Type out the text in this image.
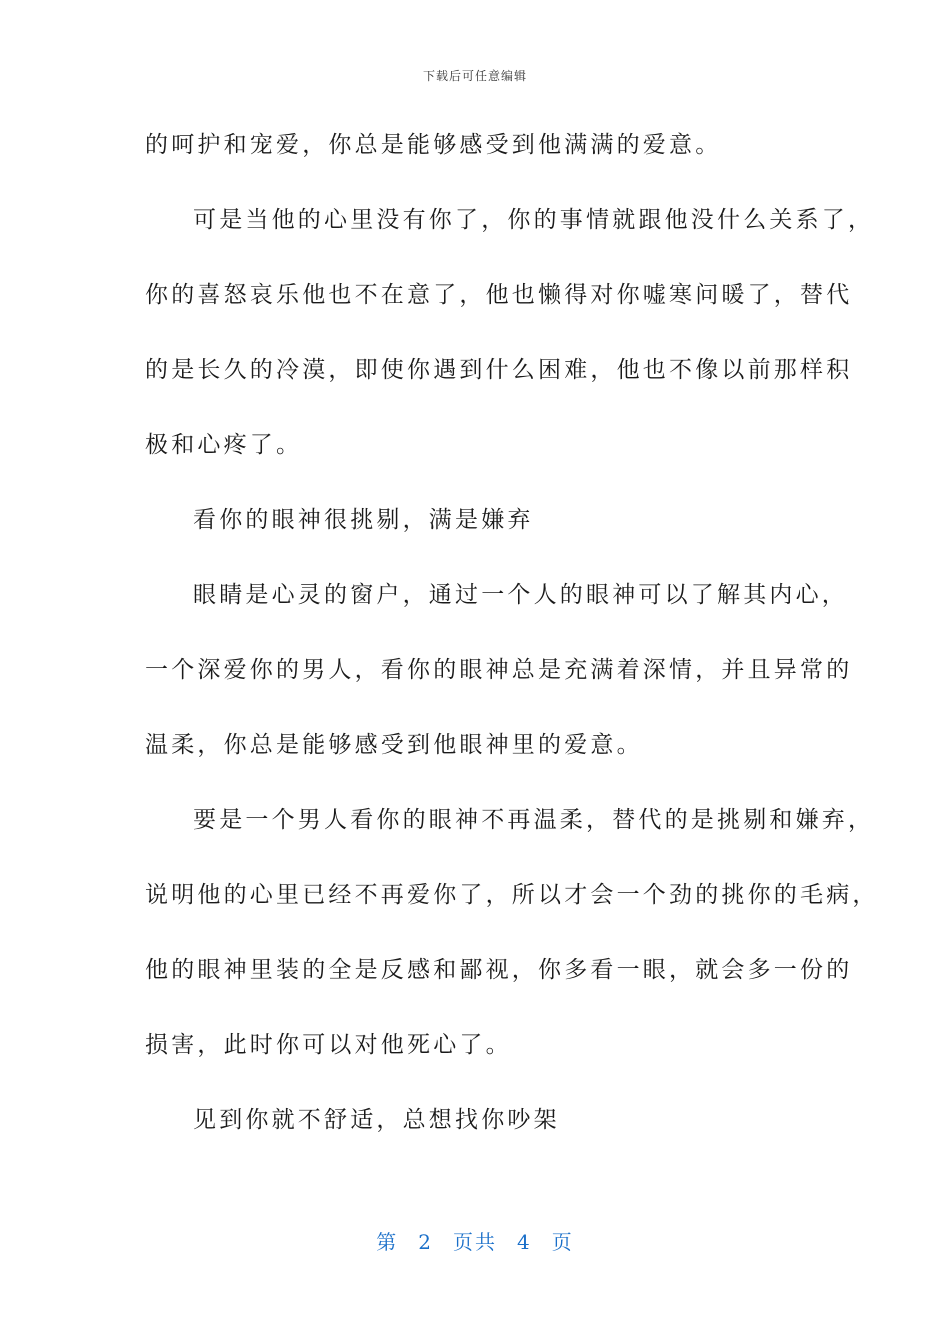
下载后可任意编辑
的呵护和宠爱，你总是能够感受到他满满的爱意。
可是当他的心里没有你了，你的事情就跟他没什么关系了，
你的喜怒哀乐他也不在意了，他也懒得对你嘘寒问暖了，替代
的是长久的冷漠，即使你遇到什么困难，他也不像以前那样积
极和心疼了。
看你的眼神很挑剔，满是嫌弃
眼睛是心灵的窗户，通过一个人的眼神可以了解其内心，
一个深爱你的男人，看你的眼神总是充满着深情，并且异常的
温柔，你总是能够感受到他眼神里的爱意。
要是一个男人看你的眼神不再温柔，替代的是挑剔和嫌弃，
说明他的心里已经不再爱你了，所以才会一个劲的挑你的毛病，
他的眼神里装的全是反感和鄙视，你多看一眼，就会多一份的
损害，此时你可以对他死心了。
见到你就不舒适，总想找你吵架
第 2 页共 4 页
